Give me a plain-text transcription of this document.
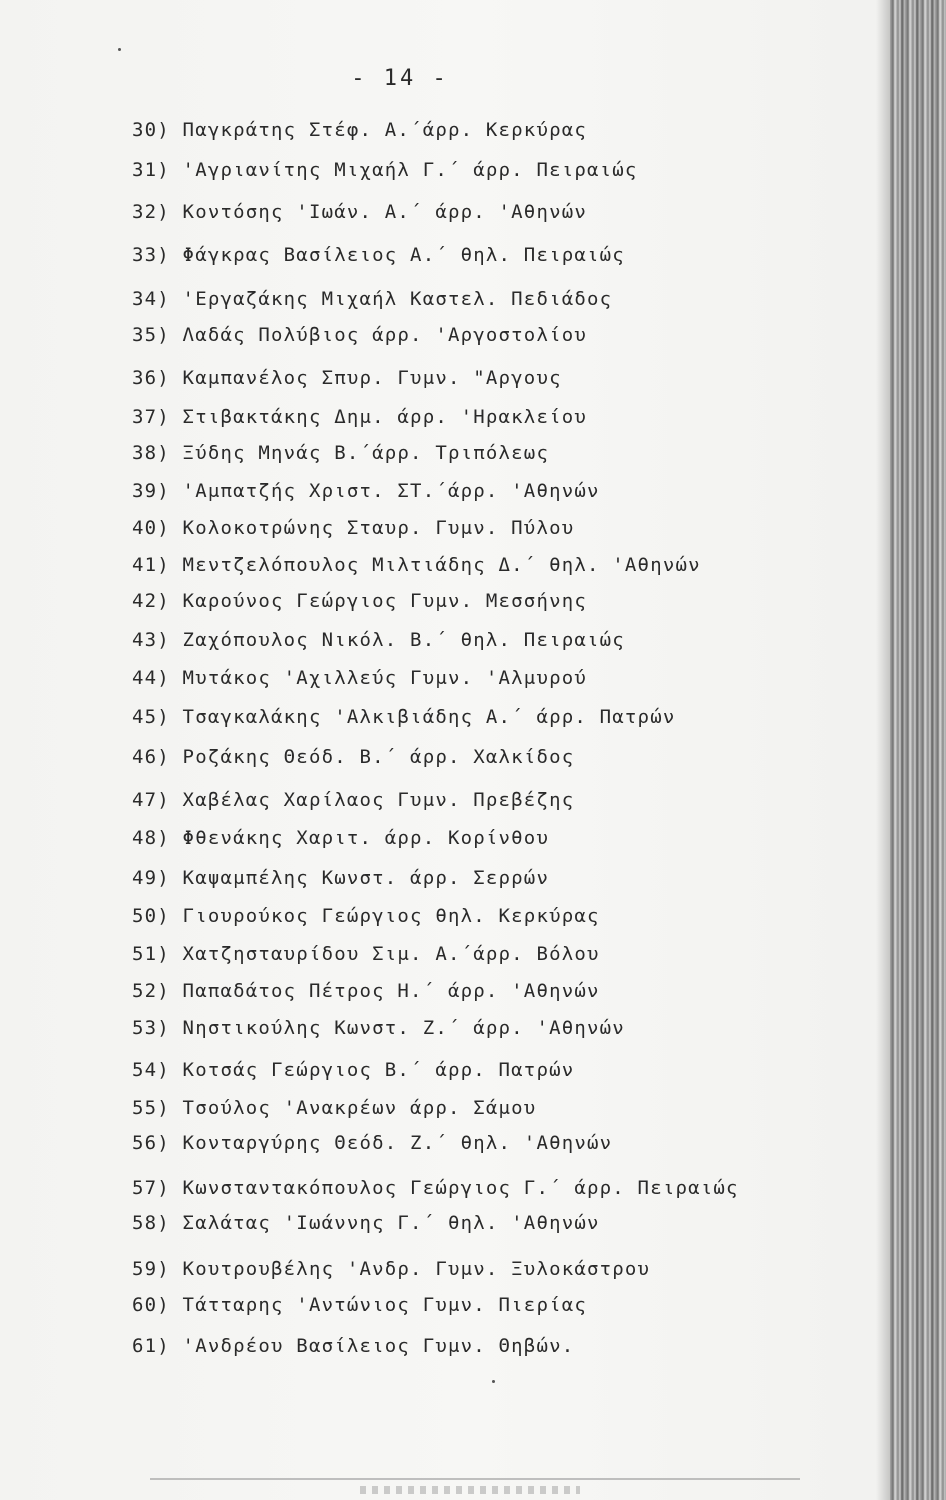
- 14 -
30) Παγκράτης Στέφ. Α.΄άρρ. Κερκύρας
31) 'Αγριανίτης Μιχαήλ Γ.΄ άρρ. Πειραιώς
32) Κοντόσης 'Ιωάν. Α.΄ άρρ. 'Αθηνών
33) Φάγκρας Βασίλειος Α.΄ θηλ. Πειραιώς
34) 'Εργαζάκης Μιχαήλ Καστελ. Πεδιάδος
35) Λαδάς Πολύβιος άρρ. 'Αργοστολίου
36) Καμπανέλος Σπυρ. Γυμν. "Αργους
37) Στιβακτάκης Δημ. άρρ. 'Ηρακλείου
38) Ξύδης Μηνάς Β.΄άρρ. Τριπόλεως
39) 'Αμπατζής Χριστ. ΣΤ.΄άρρ. 'Αθηνών
40) Κολοκοτρώνης Σταυρ. Γυμν. Πύλου
41) Μεντζελόπουλος Μιλτιάδης Δ.΄ θηλ. 'Αθηνών
42) Καρούνος Γεώργιος Γυμν. Μεσσήνης
43) Ζαχόπουλος Νικόλ. Β.΄ θηλ. Πειραιώς
44) Μυτάκος 'Αχιλλεύς Γυμν. 'Αλμυρού
45) Τσαγκαλάκης 'Αλκιβιάδης Α.΄ άρρ. Πατρών
46) Ροζάκης Θεόδ. Β.΄ άρρ. Χαλκίδος
47) Χαβέλας Χαρίλαος Γυμν. Πρεβέζης
48) Φθενάκης Χαριτ. άρρ. Κορίνθου
49) Καψαμπέλης Κωνστ. άρρ. Σερρών
50) Γιουρούκος Γεώργιος θηλ. Κερκύρας
51) Χατζησταυρίδου Σιμ. Α.΄άρρ. Βόλου
52) Παπαδάτος Πέτρος Η.΄ άρρ. 'Αθηνών
53) Νηστικούλης Κωνστ. Ζ.΄ άρρ. 'Αθηνών
54) Κοτσάς Γεώργιος Β.΄ άρρ. Πατρών
55) Τσούλος 'Ανακρέων άρρ. Σάμου
56) Κονταργύρης Θεόδ. Ζ.΄ θηλ. 'Αθηνών
57) Κωνσταντακόπουλος Γεώργιος Γ.΄ άρρ. Πειραιώς
58) Σαλάτας 'Ιωάννης Γ.΄ θηλ. 'Αθηνών
59) Κουτρουβέλης 'Ανδρ. Γυμν. Ξυλοκάστρου
60) Τάτταρης 'Αντώνιος Γυμν. Πιερίας
61) 'Ανδρέου Βασίλειος Γυμν. Θηβών.
